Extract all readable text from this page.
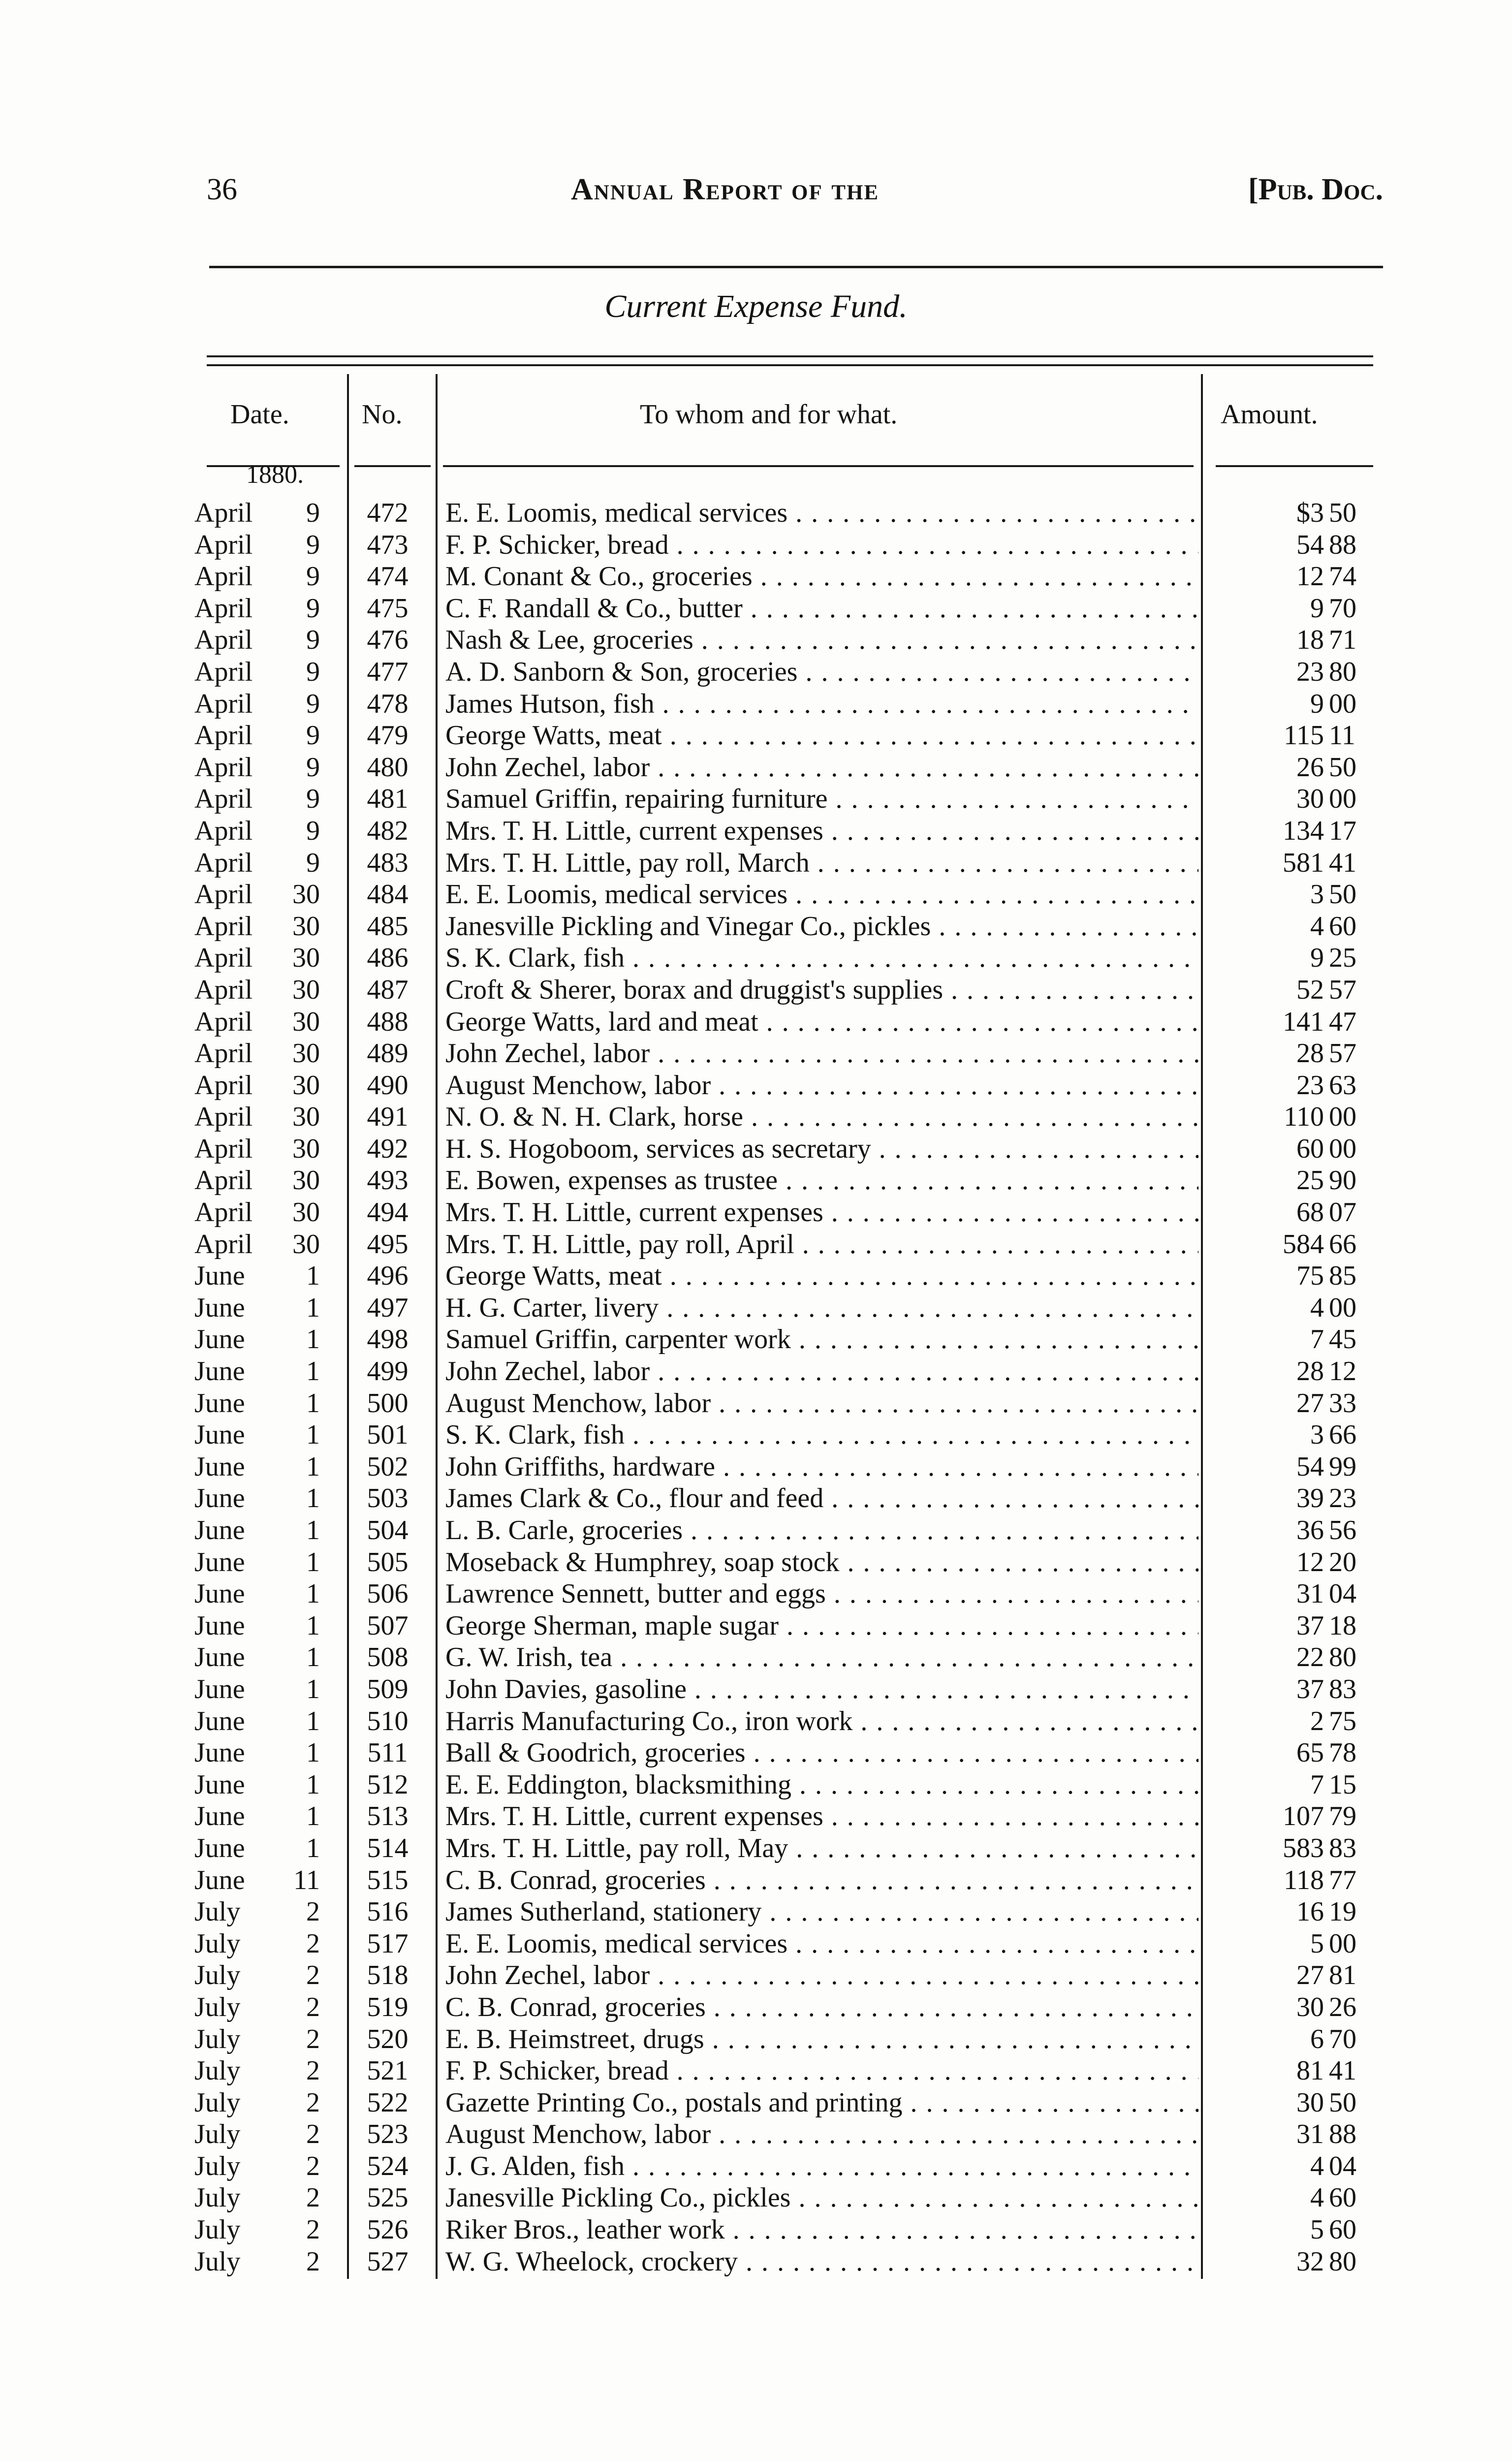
36	Annual Report of the	[Pub. Doc.
Current Expense Fund.
Date.	No.	To whom and for what.	Amount.
1880.
April	9	472	E. E. Loomis, medical services . . .	$3 50
April	9	473	F. P. Schicker, bread . . .	54 88
April	9	474	M. Conant & Co., groceries . . .	12 74
April	9	475	C. F. Randall & Co., butter . . .	9 70
April	9	476	Nash & Lee, groceries . . .	18 71
April	9	477	A. D. Sanborn & Son, groceries . . .	23 80
April	9	478	James Hutson, fish . . .	9 00
April	9	479	George Watts, meat . . .	115 11
April	9	480	John Zechel, labor . . .	26 50
April	9	481	Samuel Griffin, repairing furniture . . .	30 00
April	9	482	Mrs. T. H. Little, current expenses . . .	134 17
April	9	483	Mrs. T. H. Little, pay roll, March . . .	581 41
April	30	484	E. E. Loomis, medical services . . .	3 50
April	30	485	Janesville Pickling and Vinegar Co., pickles . . .	4 60
April	30	486	S. K. Clark, fish . . .	9 25
April	30	487	Croft & Sherer, borax and druggist's supplies . . .	52 57
April	30	488	George Watts, lard and meat . . .	141 47
April	30	489	John Zechel, labor . . .	28 57
April	30	490	August Menchow, labor . . .	23 63
April	30	491	N. O. & N. H. Clark, horse . . .	110 00
April	30	492	H. S. Hogoboom, services as secretary . . .	60 00
April	30	493	E. Bowen, expenses as trustee . . .	25 90
April	30	494	Mrs. T. H. Little, current expenses . . .	68 07
April	30	495	Mrs. T. H. Little, pay roll, April . . .	584 66
June	1	496	George Watts, meat . . .	75 85
June	1	497	H. G. Carter, livery . . .	4 00
June	1	498	Samuel Griffin, carpenter work . . .	7 45
June	1	499	John Zechel, labor . . .	28 12
June	1	500	August Menchow, labor . . .	27 33
June	1	501	S. K. Clark, fish . . .	3 66
June	1	502	John Griffiths, hardware . . .	54 99
June	1	503	James Clark & Co., flour and feed . . .	39 23
June	1	504	L. B. Carle, groceries . . .	36 56
June	1	505	Moseback & Humphrey, soap stock . . .	12 20
June	1	506	Lawrence Sennett, butter and eggs . . .	31 04
June	1	507	George Sherman, maple sugar . . .	37 18
June	1	508	G. W. Irish, tea . . .	22 80
June	1	509	John Davies, gasoline . . .	37 83
June	1	510	Harris Manufacturing Co., iron work . . .	2 75
June	1	511	Ball & Goodrich, groceries . . .	65 78
June	1	512	E. E. Eddington, blacksmithing . . .	7 15
June	1	513	Mrs. T. H. Little, current expenses . . .	107 79
June	1	514	Mrs. T. H. Little, pay roll, May . . .	583 83
June	11	515	C. B. Conrad, groceries . . .	118 77
July	2	516	James Sutherland, stationery . . .	16 19
July	2	517	E. E. Loomis, medical services . . .	5 00
July	2	518	John Zechel, labor . . .	27 81
July	2	519	C. B. Conrad, groceries . . .	30 26
July	2	520	E. B. Heimstreet, drugs . . .	6 70
July	2	521	F. P. Schicker, bread . . .	81 41
July	2	522	Gazette Printing Co., postals and printing . . .	30 50
July	2	523	August Menchow, labor . . .	31 88
July	2	524	J. G. Alden, fish . . .	4 04
July	2	525	Janesville Pickling Co., pickles . . .	4 60
July	2	526	Riker Bros., leather work . . .	5 60
July	2	527	W. G. Wheelock, crockery . . .	32 80
